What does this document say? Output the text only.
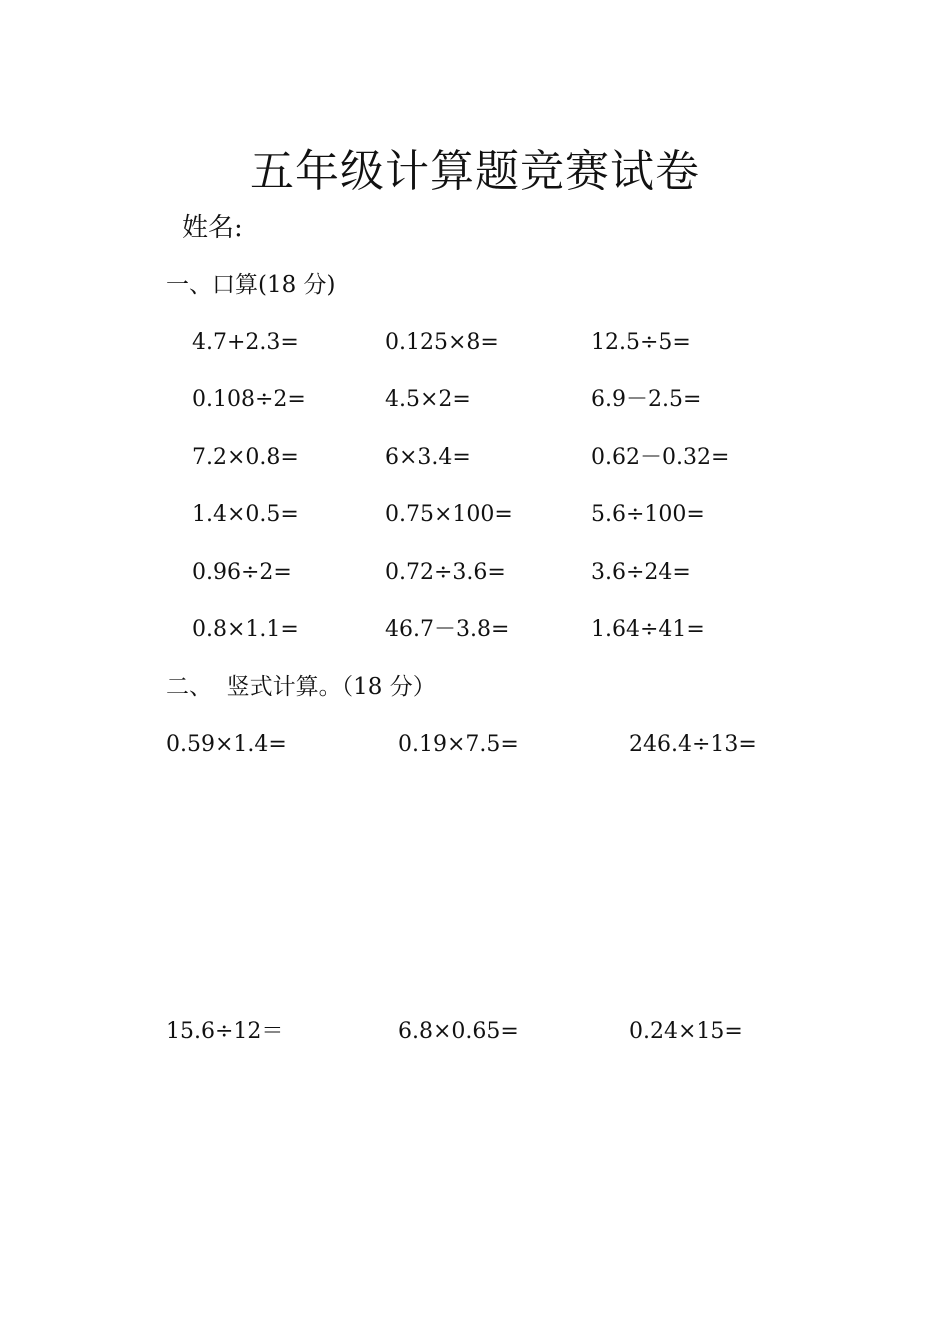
五年级计算题竞赛试卷
姓名:
一、口算(18 分)
4.7+2.3=	0.125×8=	12.5÷5=
0.108÷2=	4.5×2=	6.9－2.5=
7.2×0.8=	6×3.4=	0.62－0.32=
1.4×0.5=	0.75×100=	5.6÷100=
0.96÷2=	0.72÷3.6=	3.6÷24=
0.8×1.1=	46.7－3.8=	1.64÷41=
二、  竖式计算。（18 分）
0.59×1.4=	0.19×7.5=	246.4÷13=
15.6÷12＝	6.8×0.65=	0.24×15=
